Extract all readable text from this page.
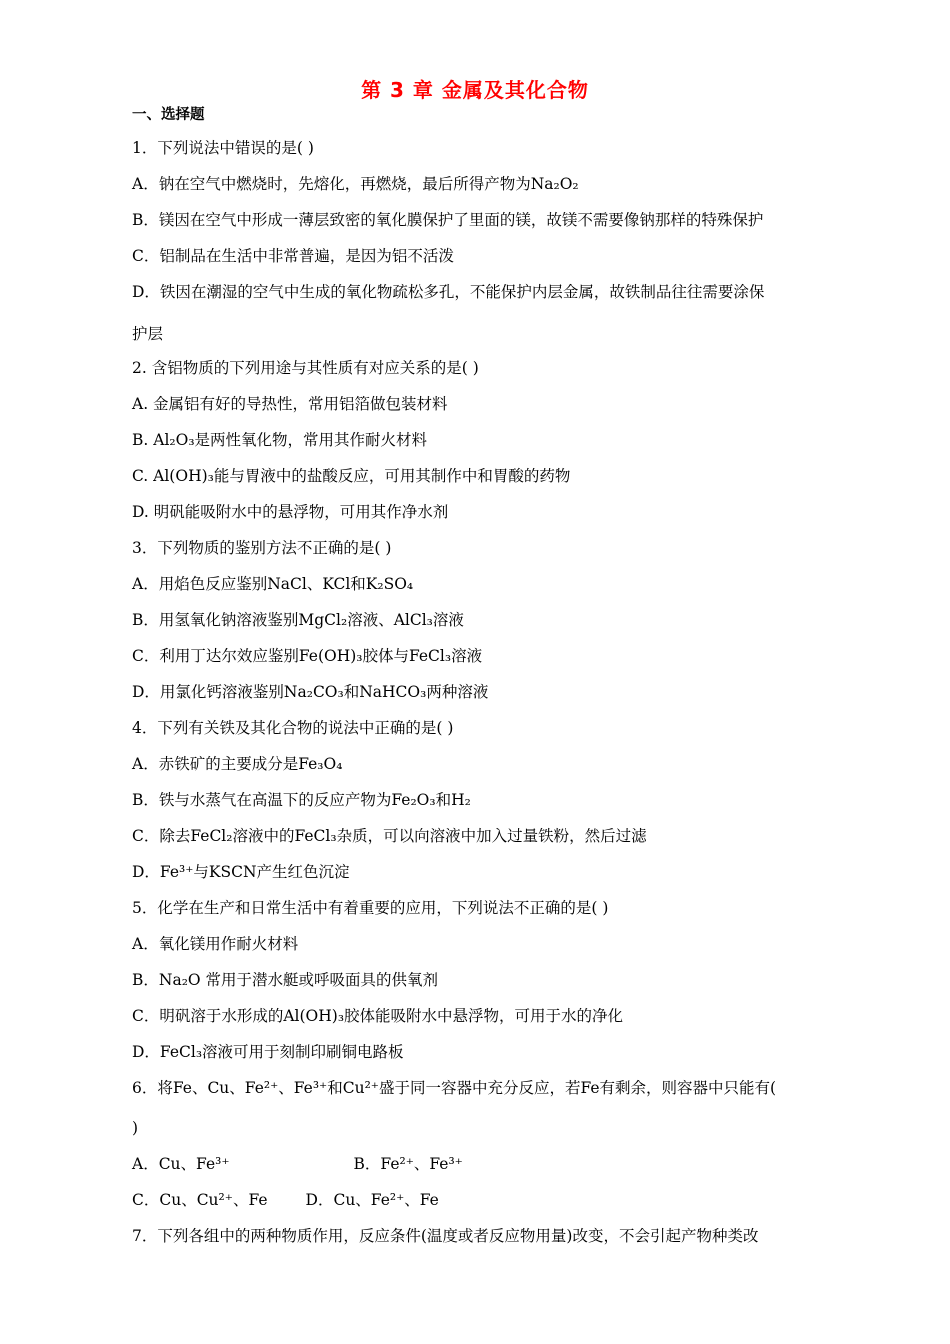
第 3 章 金属及其化合物
一、选择题
1．下列说法中错误的是( )
A．钠在空气中燃烧时，先熔化，再燃烧，最后所得产物为Na₂O₂
B．镁因在空气中形成一薄层致密的氧化膜保护了里面的镁，故镁不需要像钠那样的特殊保护
C．铝制品在生活中非常普遍，是因为铝不活泼
D．铁因在潮湿的空气中生成的氧化物疏松多孔，不能保护内层金属，故铁制品往往需要涂保
护层
2. 含铝物质的下列用途与其性质有对应关系的是( )
A. 金属铝有好的导热性，常用铝箔做包装材料
B. Al₂O₃是两性氧化物，常用其作耐火材料
C. Al(OH)₃能与胃液中的盐酸反应，可用其制作中和胃酸的药物
D. 明矾能吸附水中的悬浮物，可用其作净水剂
3．下列物质的鉴别方法不正确的是( )
A．用焰色反应鉴别NaCl、KCl和K₂SO₄
B．用氢氧化钠溶液鉴别MgCl₂溶液、AlCl₃溶液
C．利用丁达尔效应鉴别Fe(OH)₃胶体与FeCl₃溶液
D．用氯化钙溶液鉴别Na₂CO₃和NaHCO₃两种溶液
4．下列有关铁及其化合物的说法中正确的是( )
A．赤铁矿的主要成分是Fe₃O₄
B．铁与水蒸气在高温下的反应产物为Fe₂O₃和H₂
C．除去FeCl₂溶液中的FeCl₃杂质，可以向溶液中加入过量铁粉，然后过滤
D．Fe³⁺与KSCN产生红色沉淀
5．化学在生产和日常生活中有着重要的应用，下列说法不正确的是( )
A．氧化镁用作耐火材料
B．Na₂O 常用于潜水艇或呼吸面具的供氧剂
C．明矾溶于水形成的Al(OH)₃胶体能吸附水中悬浮物，可用于水的净化
D．FeCl₃溶液可用于刻制印刷铜电路板
6．将Fe、Cu、Fe²⁺、Fe³⁺和Cu²⁺盛于同一容器中充分反应，若Fe有剩余，则容器中只能有(
)
A．Cu、Fe³⁺	B．Fe²⁺、Fe³⁺
C．Cu、Cu²⁺、Fe D．Cu、Fe²⁺、Fe
7．下列各组中的两种物质作用，反应条件(温度或者反应物用量)改变，不会引起产物种类改
